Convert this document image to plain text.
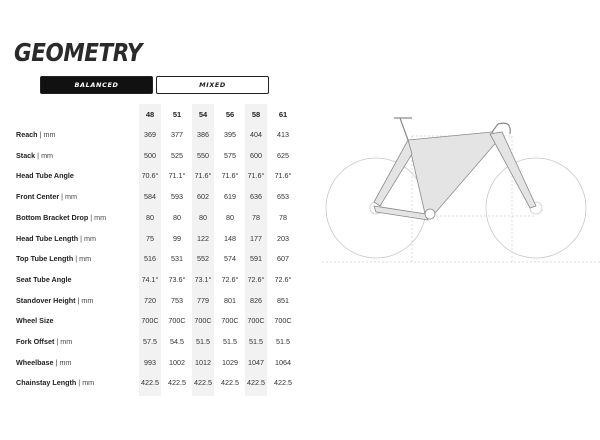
GEOMETRY
BALANCED	MIXED
48	51	54	56	58	61
Reach | mm	369	377	386	395	404	413
Stack | mm	500	525	550	575	600	625
Head Tube Angle	70.6°	71.1°	71.6°	71.6°	71.6°	71.6°
Front Center | mm	584	593	602	619	636	653
Bottom Bracket Drop | mm	80	80	80	80	78	78
Head Tube Length | mm	75	99	122	148	177	203
Top Tube Length | mm	516	531	552	574	591	607
Seat Tube Angle	74.1°	73.6°	73.1°	72.6°	72.6°	72.6°
Standover Height | mm	720	753	779	801	826	851
Wheel Size	700C	700C	700C	700C	700C	700C
Fork Offset | mm	57.5	54.5	51.5	51.5	51.5	51.5
Wheelbase | mm	993	1002	1012	1029	1047	1064
Chainstay Length | mm	422.5	422.5	422.5	422.5	422.5	422.5
